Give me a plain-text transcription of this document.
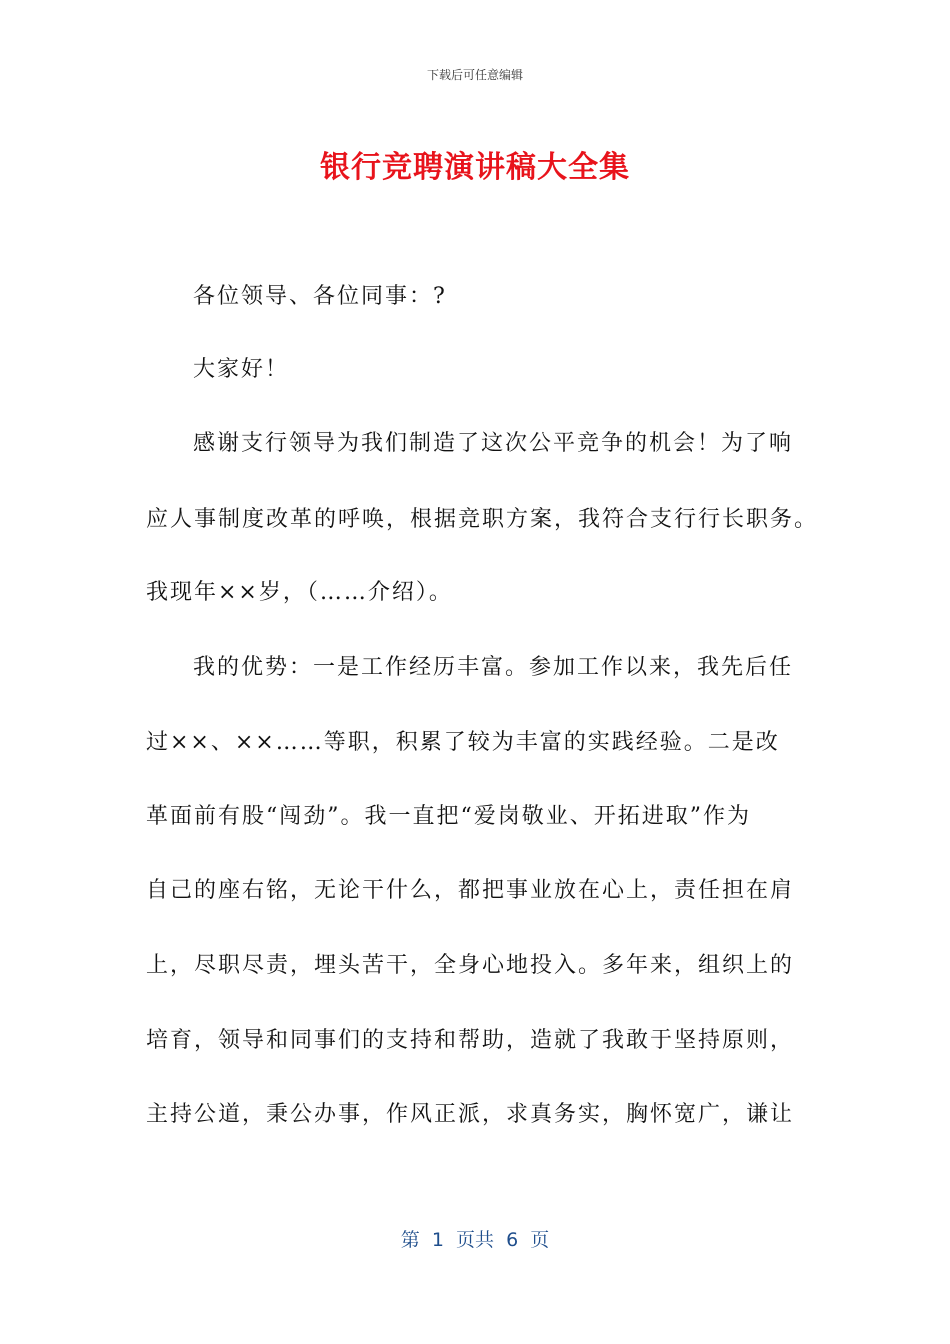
下载后可任意编辑
银行竞聘演讲稿大全集
各位领导、各位同事：?
大家好！
感谢支行领导为我们制造了这次公平竞争的机会！为了响
应人事制度改革的呼唤，根据竞职方案，我符合支行行长职务。
我现年××岁，（……介绍）。
我的优势：一是工作经历丰富。参加工作以来，我先后任
过××、××……等职，积累了较为丰富的实践经验。二是改
革面前有股“闯劲”。我一直把“爱岗敬业、开拓进取”作为
自己的座右铭，无论干什么，都把事业放在心上，责任担在肩
上，尽职尽责，埋头苦干，全身心地投入。多年来，组织上的
培育，领导和同事们的支持和帮助，造就了我敢于坚持原则，
主持公道，秉公办事，作风正派，求真务实，胸怀宽广，谦让
第  1  页共  6  页
